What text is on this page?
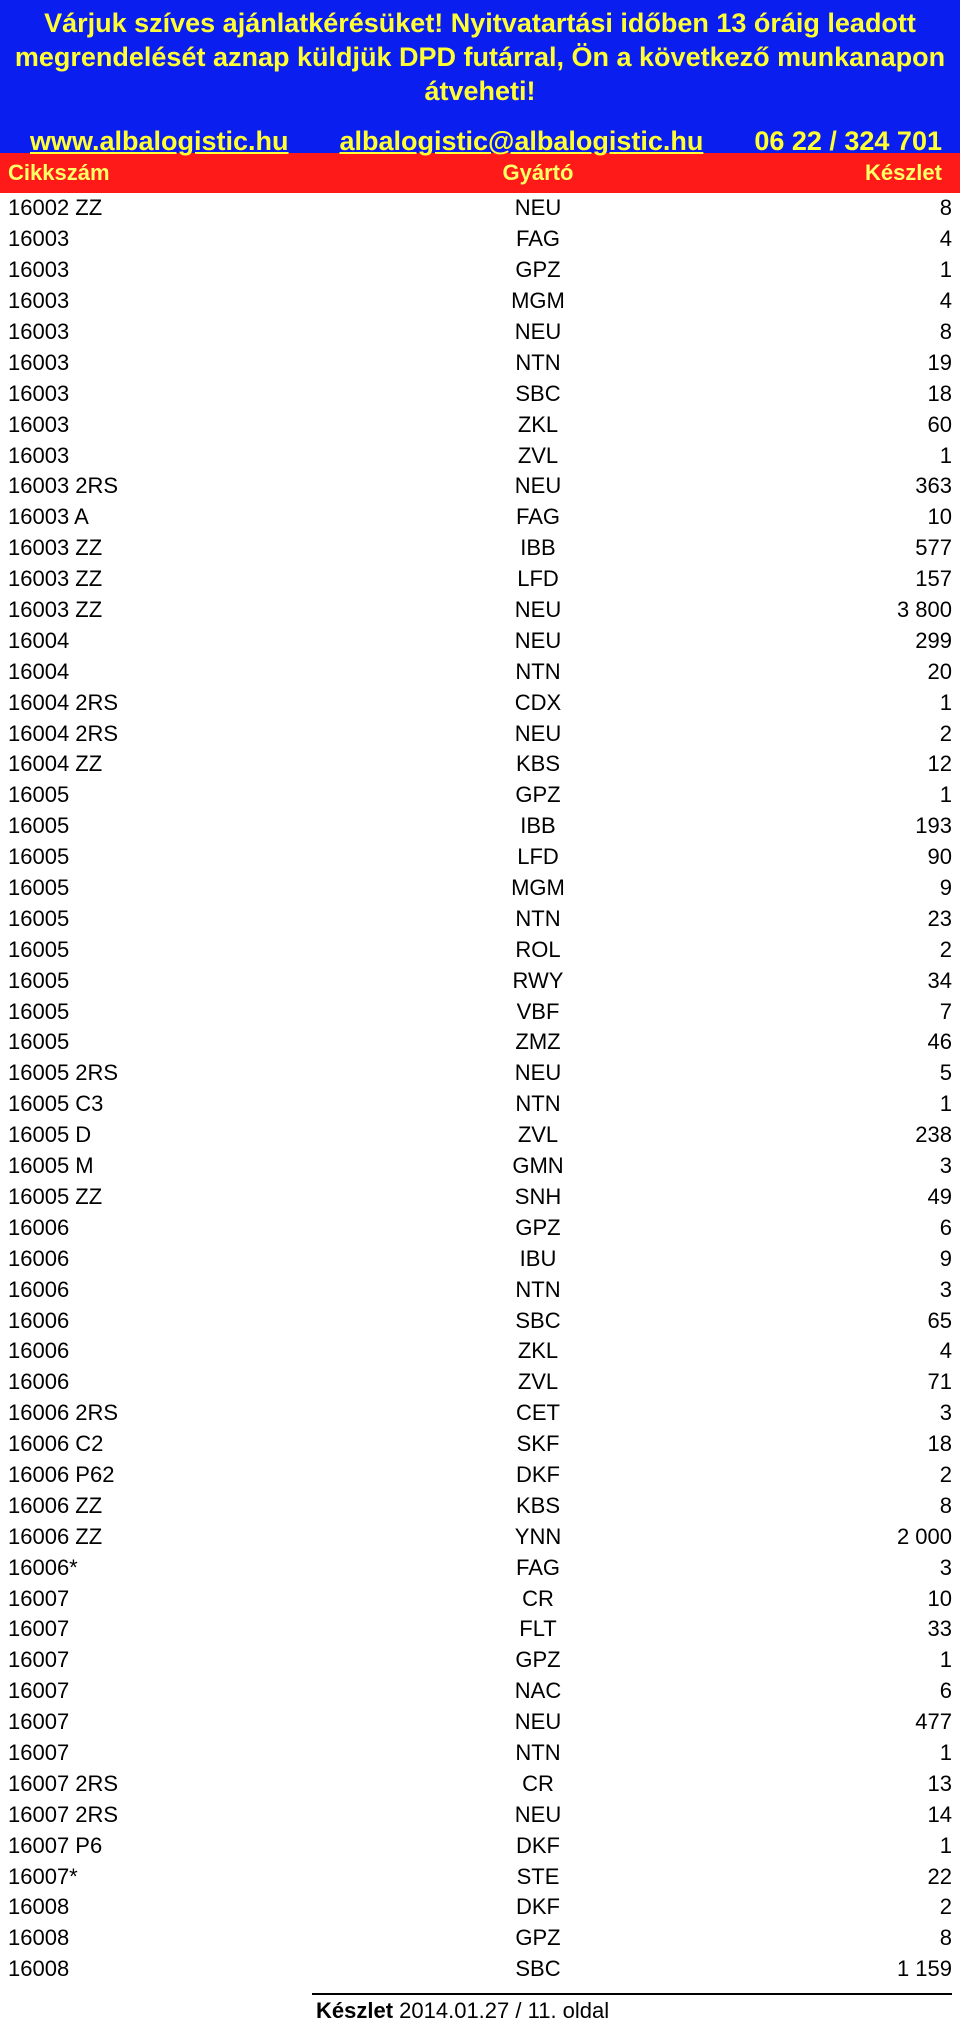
Várjuk szíves ajánlatkérésüket! Nyitvatartási időben 13 óráig leadott
megrendelését aznap küldjük DPD futárral, Ön a következő munkanapon
átveheti!
www.albalogistic.hu albalogistic@albalogistic.hu 06 22 / 324 701
Cikkszám	Gyártó	Készlet
16002 ZZ	NEU	8
16003	FAG	4
16003	GPZ	1
16003	MGM	4
16003	NEU	8
16003	NTN	19
16003	SBC	18
16003	ZKL	60
16003	ZVL	1
16003 2RS	NEU	363
16003 A	FAG	10
16003 ZZ	IBB	577
16003 ZZ	LFD	157
16003 ZZ	NEU	3 800
16004	NEU	299
16004	NTN	20
16004 2RS	CDX	1
16004 2RS	NEU	2
16004 ZZ	KBS	12
16005	GPZ	1
16005	IBB	193
16005	LFD	90
16005	MGM	9
16005	NTN	23
16005	ROL	2
16005	RWY	34
16005	VBF	7
16005	ZMZ	46
16005 2RS	NEU	5
16005 C3	NTN	1
16005 D	ZVL	238
16005 M	GMN	3
16005 ZZ	SNH	49
16006	GPZ	6
16006	IBU	9
16006	NTN	3
16006	SBC	65
16006	ZKL	4
16006	ZVL	71
16006 2RS	CET	3
16006 C2	SKF	18
16006 P62	DKF	2
16006 ZZ	KBS	8
16006 ZZ	YNN	2 000
16006*	FAG	3
16007	CR	10
16007	FLT	33
16007	GPZ	1
16007	NAC	6
16007	NEU	477
16007	NTN	1
16007 2RS	CR	13
16007 2RS	NEU	14
16007 P6	DKF	1
16007*	STE	22
16008	DKF	2
16008	GPZ	8
16008	SBC	1 159
Készlet 2014.01.27 / 11. oldal
